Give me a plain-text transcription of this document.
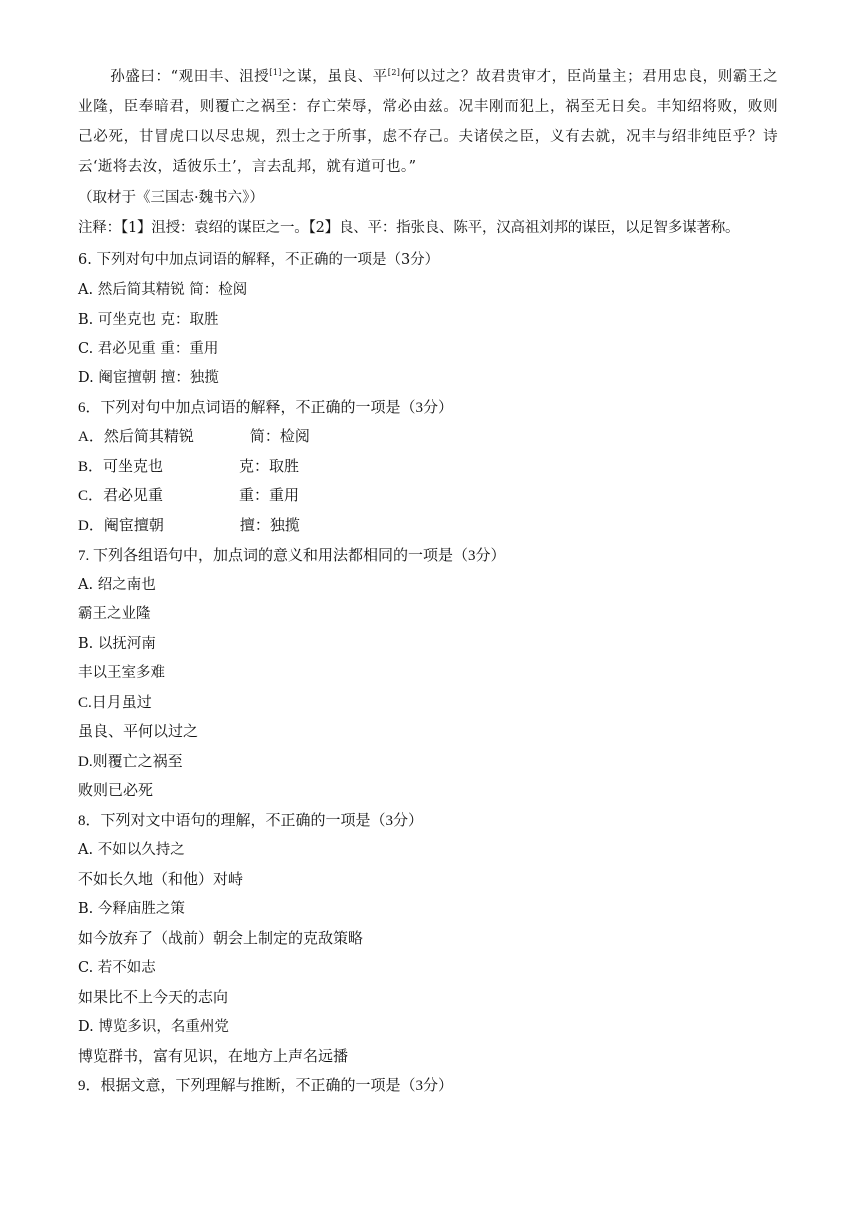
孙盛曰：“观田丰、沮授[1]之谋，虽良、平[2]何以过之？故君贵审才，臣尚量主；君用忠良，则霸王之业隆，臣奉暗君，则覆亡之祸至：存亡荣辱，常必由兹。况丰刚而犯上，祸至无日矣。丰知绍将败，败则己必死，甘冒虎口以尽忠规，烈士之于所事，虑不存己。夫诸侯之臣，义有去就，况丰与绍非纯臣乎？诗云‘逝将去汝，适彼乐土’，言去乱邦，就有道可也。”
（取材于《三国志·魏书六》）
注释：【1】沮授：袁绍的谋臣之一。【2】良、平：指张良、陈平，汉高祖刘邦的谋臣，以足智多谋著称。
6. 下列对句中加点词语的解释，不正确的一项是（3分）
A. 然后简其精锐 简：检阅
B. 可坐克也 克：取胜
C. 君必见重 重：重用
D. 阉宦擅朝 擅：独揽
6．下列对句中加点词语的解释，不正确的一项是（3分）
A．然后简其精锐	简：检阅
B．可坐克也	克：取胜
C．君必见重	重：重用
D．阉宦擅朝	擅：独揽
7. 下列各组语句中，加点词的意义和用法都相同的一项是（3分）
A. 绍之南也
霸王之业隆
B. 以抚河南
丰以王室多难
C.日月虽过
虽良、平何以过之
D.则覆亡之祸至
败则已必死
8．下列对文中语句的理解，不正确的一项是（3分）
A. 不如以久持之
不如长久地（和他）对峙
B. 今释庙胜之策
如今放弃了（战前）朝会上制定的克敌策略
C. 若不如志
如果比不上今天的志向
D. 博览多识，名重州党
博览群书，富有见识，在地方上声名远播
9．根据文意，下列理解与推断，不正确的一项是（3分）
